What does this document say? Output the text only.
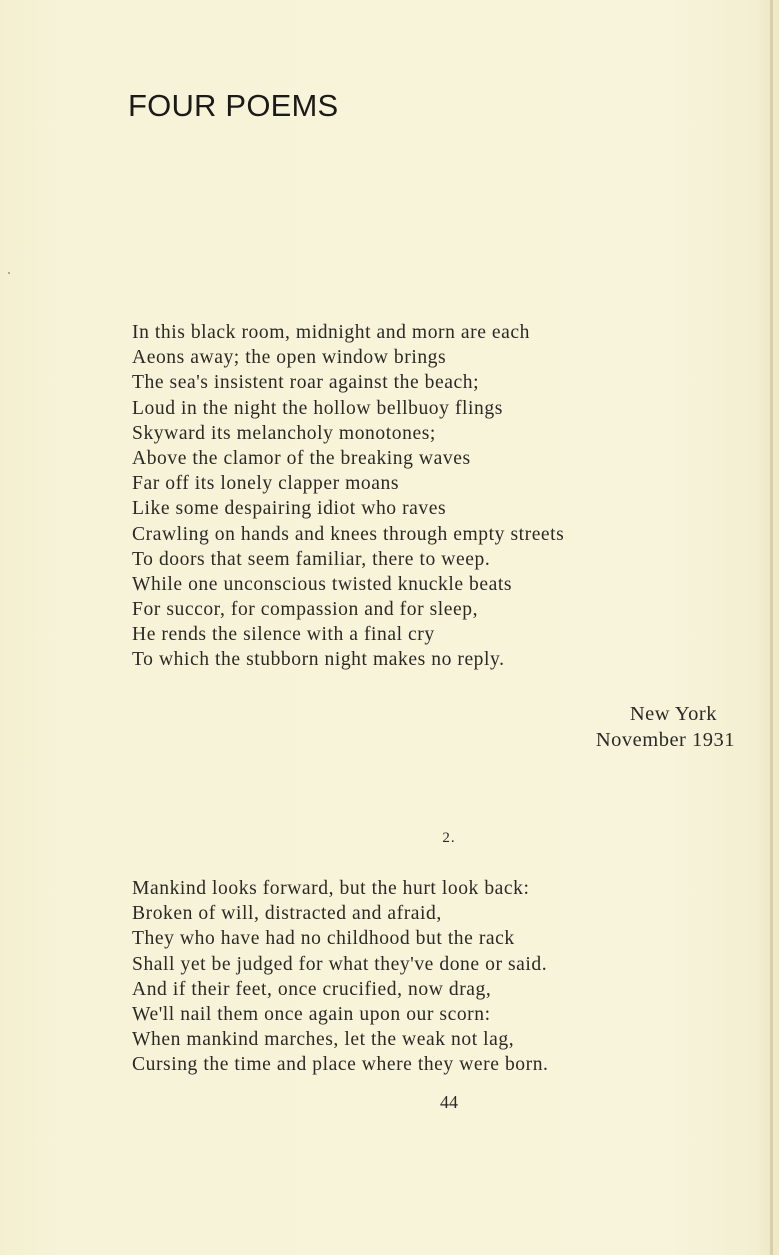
FOUR POEMS
In this black room, midnight and morn are each
Aeons away; the open window brings
The sea's insistent roar against the beach;
Loud in the night the hollow bellbuoy flings
Skyward its melancholy monotones;
Above the clamor of the breaking waves
Far off its lonely clapper moans
Like some despairing idiot who raves
Crawling on hands and knees through empty streets
To doors that seem familiar, there to weep.
While one unconscious twisted knuckle beats
For succor, for compassion and for sleep,
He rends the silence with a final cry
To which the stubborn night makes no reply.

New York

November 1931

2.

Mankind looks forward, but the hurt look back:
Broken of will, distracted and afraid,
They who have had no childhood but the rack
Shall yet be judged for what they've done or said.
And if their feet, once crucified, now drag,
We'll nail them once again upon our scorn:
When mankind marches, let the weak not lag,
Cursing the time and place where they were born.

44
